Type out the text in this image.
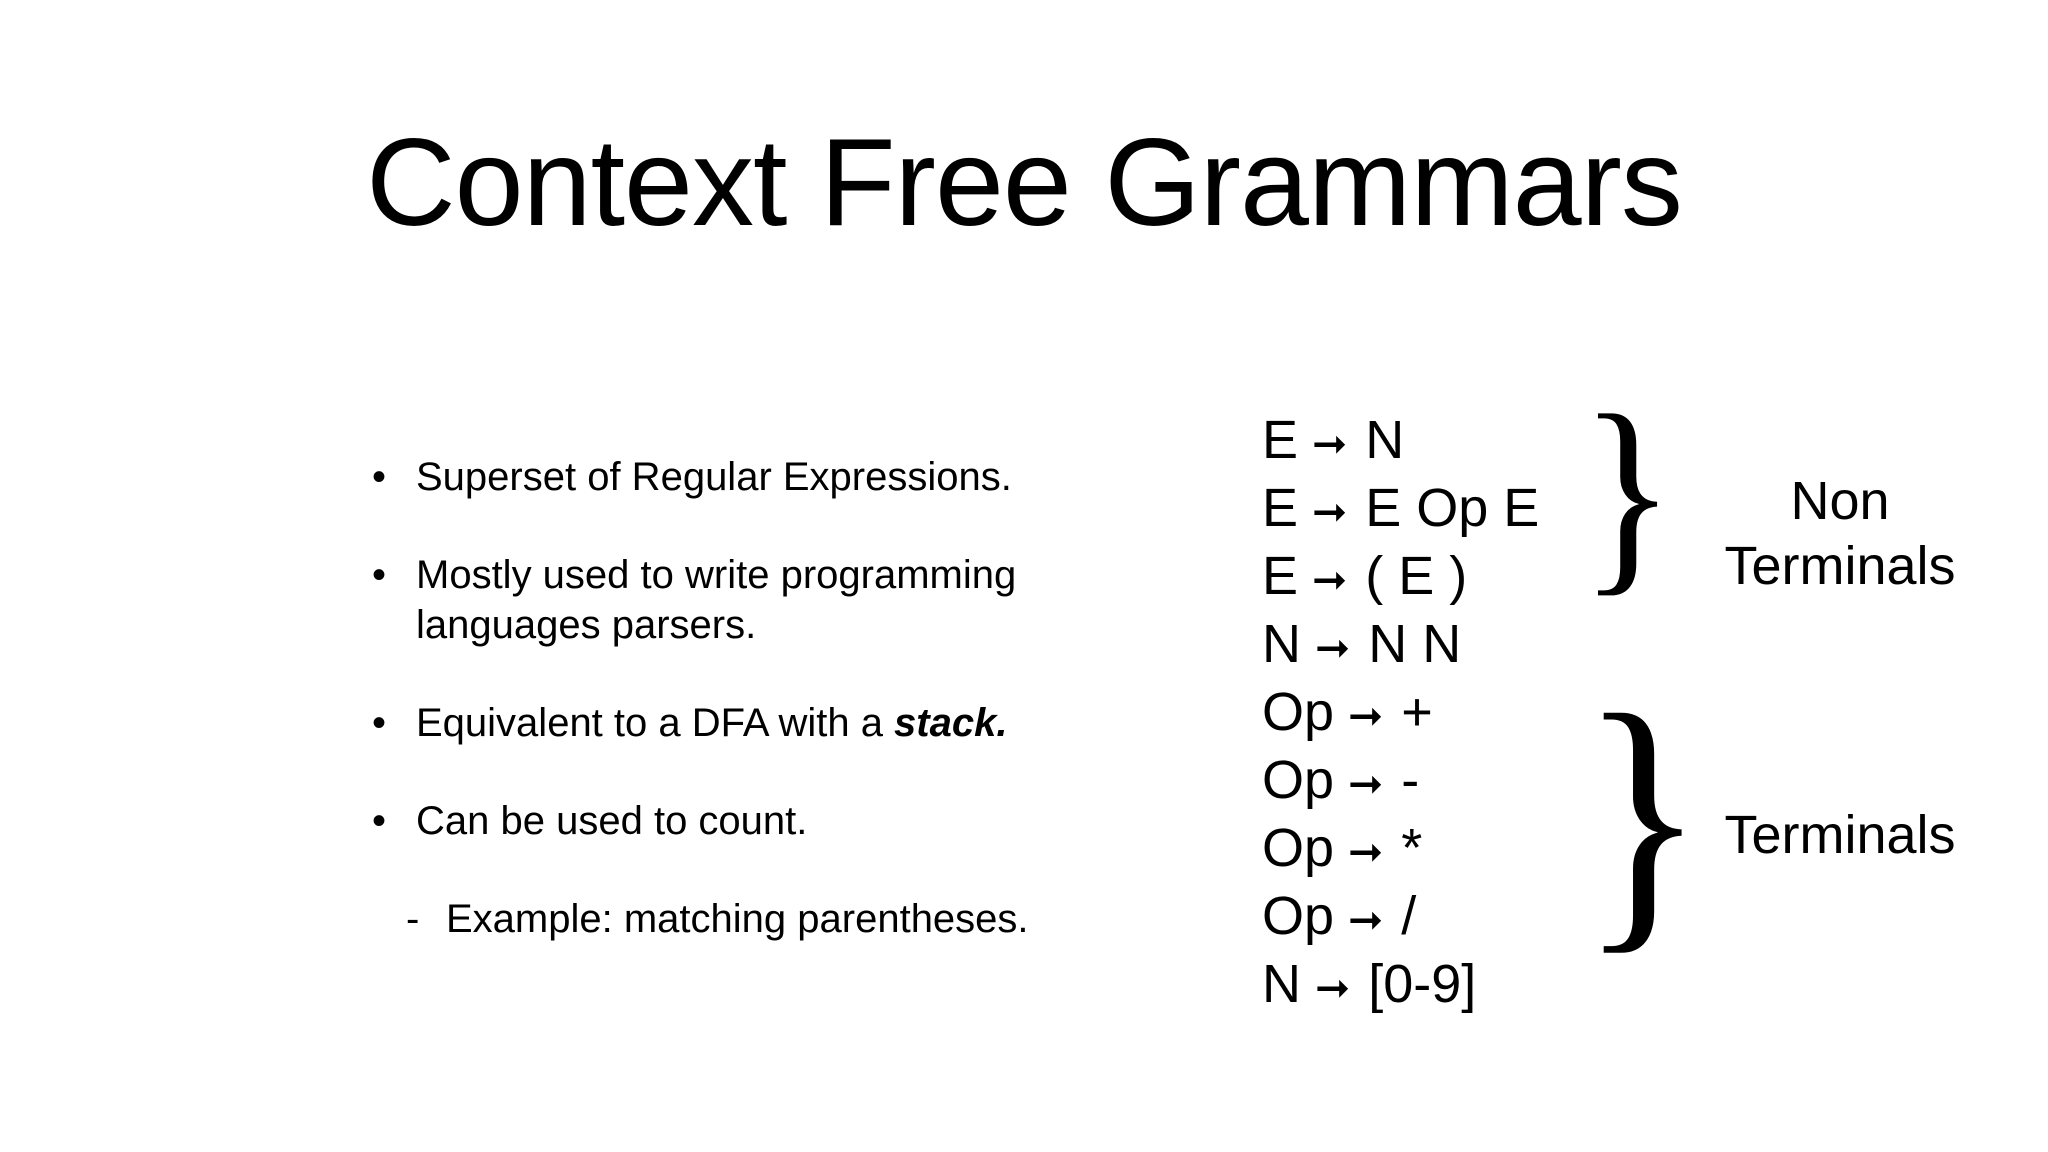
Context Free Grammars
• Superset of Regular Expressions.
• Mostly used to write programming
languages parsers.
• Equivalent to a DFA with a stack.
• Can be used to count.
- Example: matching parentheses.
E ➞ N
E ➞ E Op E
E ➞ ( E )
N ➞ N N
Op ➞ +
Op ➞ -
Op ➞ *
Op ➞ /
N ➞ [0-9]
}
}
Non
Terminals
Terminals
